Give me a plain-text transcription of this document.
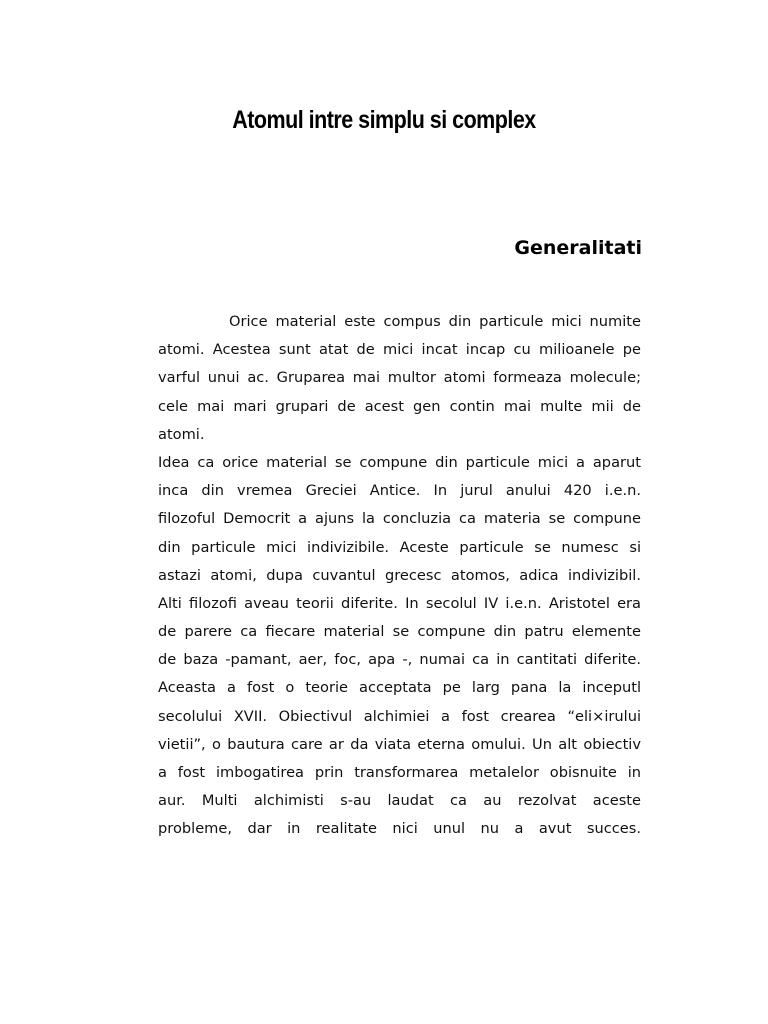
Atomul intre simplu si complex
Generalitati
Orice material este compus din particule mici numite
atomi. Acestea sunt atat de mici incat incap cu milioanele pe
varful unui ac. Gruparea mai multor atomi formeaza molecule;
cele mai mari grupari de acest gen contin mai multe mii de
atomi.
Idea ca orice material se compune din particule mici a aparut
inca din vremea Greciei Antice. In jurul anului 420 i.e.n.
filozoful Democrit a ajuns la concluzia ca materia se compune
din particule mici indivizibile. Aceste particule se numesc si
astazi atomi, dupa cuvantul grecesc atomos, adica indivizibil.
Alti filozofi aveau teorii diferite. In secolul IV i.e.n. Aristotel era
de parere ca fiecare material se compune din patru elemente
de baza -pamant, aer, foc, apa -, numai ca in cantitati diferite.
Aceasta a fost o teorie acceptata pe larg pana la inceputl
secolului XVII. Obiectivul alchimiei a fost crearea “eli×irului
vietii”, o bautura care ar da viata eterna omului. Un alt obiectiv
a fost imbogatirea prin transformarea metalelor obisnuite in
aur. Multi alchimisti s-au laudat ca au rezolvat aceste
probleme, dar in realitate nici unul nu a avut succes.
